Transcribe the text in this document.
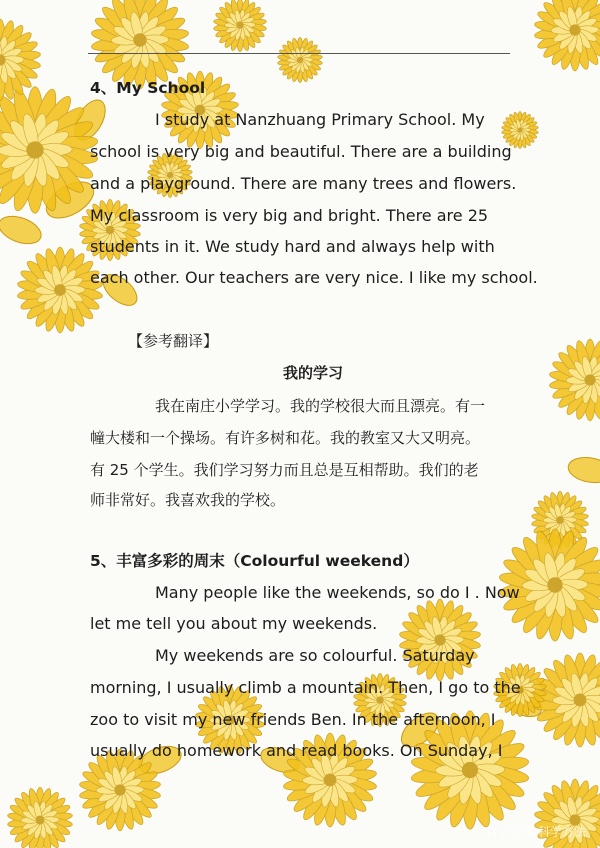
4、My School
I study at Nanzhuang Primary School. My
school is very big and beautiful. There are a building
and a playground. There are many trees and flowers.
My classroom is very big and bright. There are 25
students in it. We study hard and always help with
each other. Our teachers are very nice. I like my school.
【参考翻译】
我的学习
我在南庄小学学习。我的学校很大而且漂亮。有一
幢大楼和一个操场。有许多树和花。我的教室又大又明亮。
有 25 个学生。我们学习努力而且总是互相帮助。我们的老
师非常好。我喜欢我的学校。
5、丰富多彩的周末（Colourful weekend）
Many people like the weekends, so do I . Now
let me tell you about my weekends.
My weekends are so colourful. Saturday
morning, I usually climb a mountain. Then, I go to the
zoo to visit my new friends Ben. In the afternoon, I
usually do homework and read books. On Sunday, I
百家号/教科学方法
